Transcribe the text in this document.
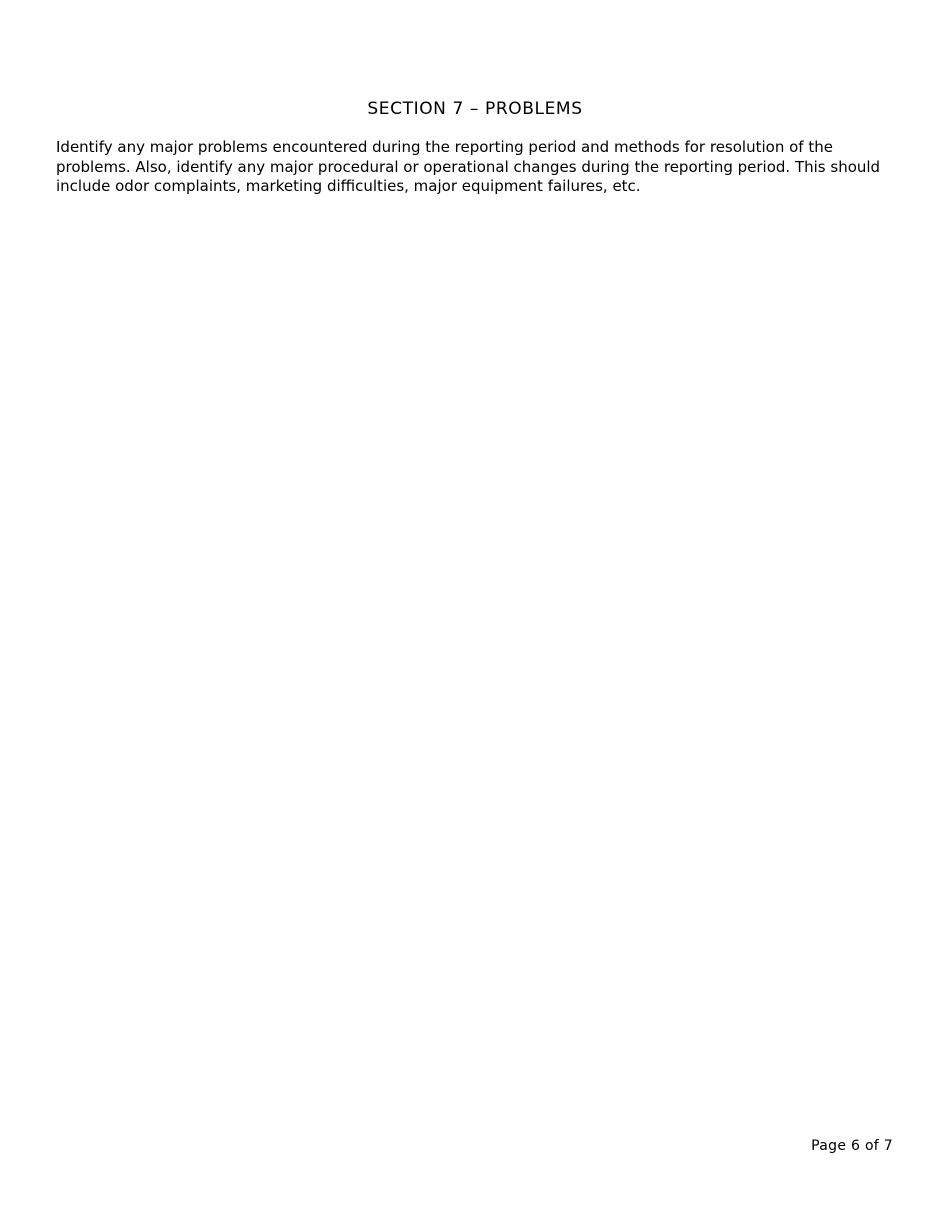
SECTION 7 – PROBLEMS
Identify any major problems encountered during the reporting period and methods for resolution of the
problems. Also, identify any major procedural or operational changes during the reporting period. This should
include odor complaints, marketing difficulties, major equipment failures, etc.
Page 6 of 7
